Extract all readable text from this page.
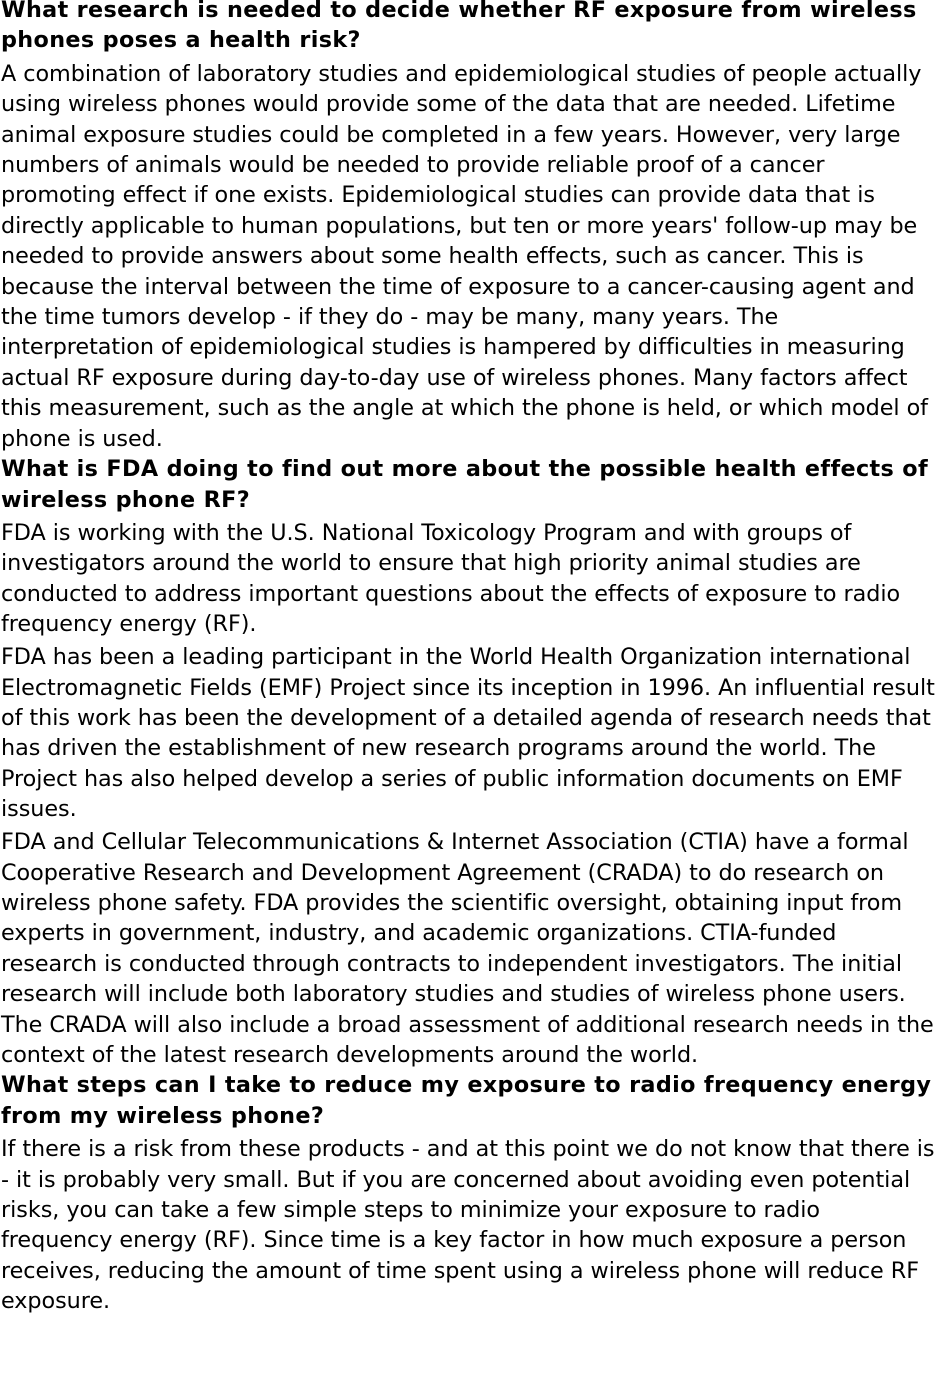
What research is needed to decide whether RF exposure from wireless phones poses a health risk?

A combination of laboratory studies and epidemiological studies of people actually using wireless phones would provide some of the data that are needed. Lifetime animal exposure studies could be completed in a few years. However, very large numbers of animals would be needed to provide reliable proof of a cancer promoting effect if one exists. Epidemiological studies can provide data that is directly applicable to human populations, but ten or more years' follow-up may be needed to provide answers about some health effects, such as cancer. This is because the interval between the time of exposure to a cancer-causing agent and the time tumors develop - if they do - may be many, many years. The interpretation of epidemiological studies is hampered by difficulties in measuring actual RF exposure during day-to-day use of wireless phones. Many factors affect this measurement, such as the angle at which the phone is held, or which model of phone is used.

What is FDA doing to find out more about the possible health effects of wireless phone RF?

FDA is working with the U.S. National Toxicology Program and with groups of investigators around the world to ensure that high priority animal studies are conducted to address important questions about the effects of exposure to radio frequency energy (RF).

FDA has been a leading participant in the World Health Organization international Electromagnetic Fields (EMF) Project since its inception in 1996. An influential result of this work has been the development of a detailed agenda of research needs that has driven the establishment of new research programs around the world. The Project has also helped develop a series of public information documents on EMF issues.

FDA and Cellular Telecommunications & Internet Association (CTIA) have a formal Cooperative Research and Development Agreement (CRADA) to do research on wireless phone safety. FDA provides the scientific oversight, obtaining input from experts in government, industry, and academic organizations. CTIA-funded research is conducted through contracts to independent investigators. The initial research will include both laboratory studies and studies of wireless phone users. The CRADA will also include a broad assessment of additional research needs in the context of the latest research developments around the world.

What steps can I take to reduce my exposure to radio frequency energy from my wireless phone?

If there is a risk from these products - and at this point we do not know that there is - it is probably very small. But if you are concerned about avoiding even potential risks, you can take a few simple steps to minimize your exposure to radio frequency energy (RF). Since time is a key factor in how much exposure a person receives, reducing the amount of time spent using a wireless phone will reduce RF exposure.
